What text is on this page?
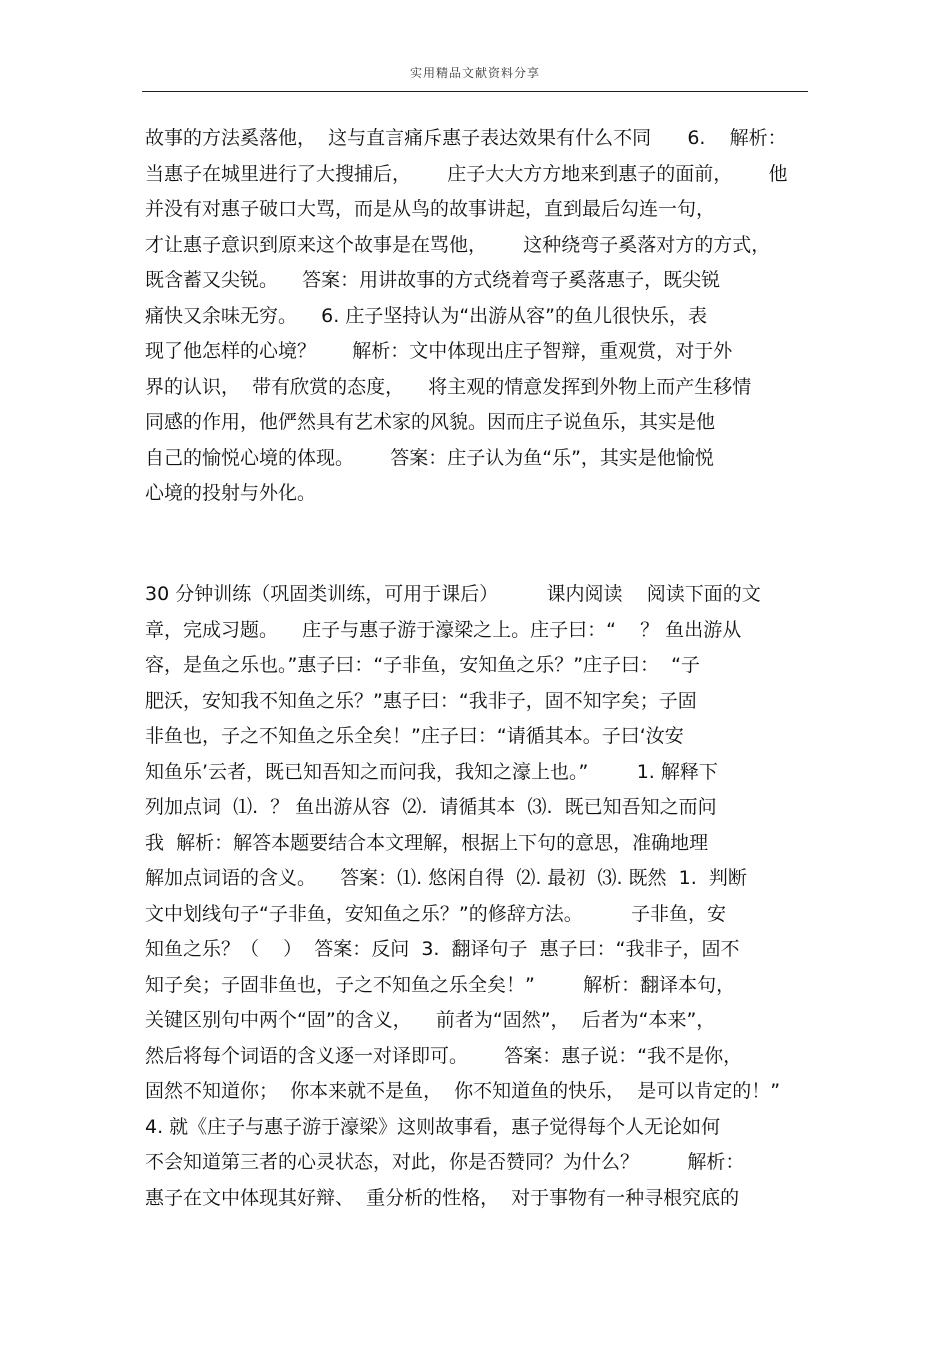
实用精品文献资料分享
故事的方法奚落他，  这与直言痛斥惠子表达效果有什么不同      6.    解析：
当惠子在城里进行了大搜捕后，      庄子大大方方地来到惠子的面前，      他
并没有对惠子破口大骂，而是从鸟的故事讲起，直到最后勾连一句，
才让惠子意识到原来这个故事是在骂他，      这种绕弯子奚落对方的方式，
既含蓄又尖锐。    答案：用讲故事的方式绕着弯子奚落惠子，既尖锐
痛快又余味无穷。    6. 庄子坚持认为“出游从容”的鱼儿很快乐，表
现了他怎样的心境？      解析：文中体现出庄子智辩，重观赏，对于外
界的认识，  带有欣赏的态度，    将主观的情意发挥到外物上而产生移情
同感的作用，他俨然具有艺术家的风貌。因而庄子说鱼乐，其实是他
自己的愉悦心境的体现。      答案：庄子认为鱼“乐”，其实是他愉悦
心境的投射与外化。
30 分钟训练（巩固类训练，可用于课后）        课内阅读    阅读下面的文
章，完成习题。    庄子与惠子游于濠梁之上。庄子曰：“    ？ 鱼出游从
容，是鱼之乐也。”惠子曰：“子非鱼，安知鱼之乐？”庄子曰：  “子
肥沃，安知我不知鱼之乐？”惠子曰：“我非子，固不知字矣；子固
非鱼也，子之不知鱼之乐全矣！”庄子曰：“请循其本。子曰‘汝安
知鱼乐’云者，既已知吾知之而问我，我知之濠上也。”        1. 解释下
列加点词  ⑴.  ？ 鱼出游从容  ⑵.  请循其本  ⑶.  既已知吾知之而问
我  解析：解答本题要结合本文理解，根据上下句的意思，准确地理
解加点词语的含义。    答案：⑴. 悠闲自得  ⑵. 最初  ⑶. 既然  1.  判断
文中划线句子“子非鱼，安知鱼之乐？”的修辞方法。        子非鱼，安
知鱼之乐？（    ）  答案：反问  3.  翻译句子  惠子曰：“我非子，固不
知子矣；子固非鱼也，子之不知鱼之乐全矣！”        解析：翻译本句，
关键区别句中两个“固”的含义，    前者为“固然”，  后者为“本来”，
然后将每个词语的含义逐一对译即可。      答案：惠子说：“我不是你，
固然不知道你；  你本来就不是鱼，  你不知道鱼的快乐，  是可以肯定的！”
4. 就《庄子与惠子游于濠梁》这则故事看，惠子觉得每个人无论如何
不会知道第三者的心灵状态，对此，你是否赞同？为什么？        解析：
惠子在文中体现其好辩、  重分析的性格，  对于事物有一种寻根究底的
